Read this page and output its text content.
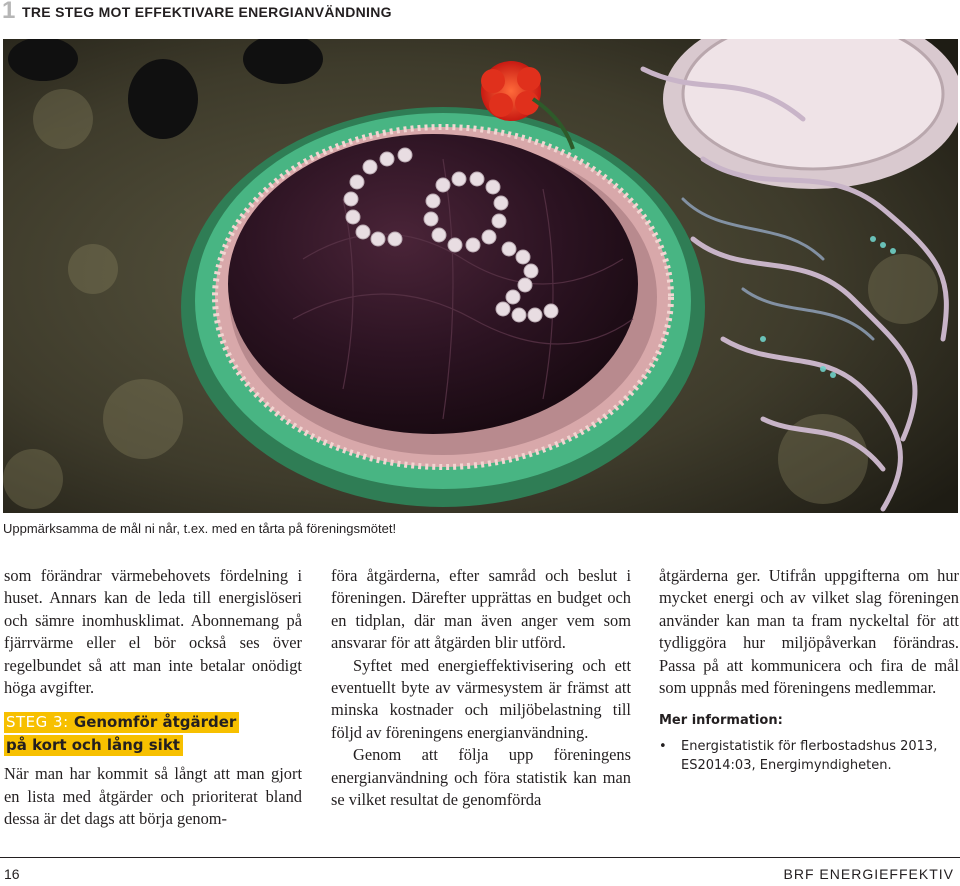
1 TRE STEG MOT EFFEKTIVARE ENERGIANVÄNDNING
Uppmärksamma de mål ni når, t.ex. med en tårta på föreningsmötet!

som förändrar värmebehovets fördelning i huset. Annars kan de leda till energislöseri och sämre inomhusklimat. Abonnemang på fjärrvärme eller el bör också ses över regelbundet så att man inte betalar onödigt höga avgifter.

STEG 3: Genomför åtgärder
på kort och lång sikt

När man har kommit så långt att man gjort en lista med åtgärder och prioriterat bland dessa är det dags att börja genom-

föra åtgärderna, efter samråd och beslut i föreningen. Därefter upprättas en budget och en tidplan, där man även anger vem som ansvarar för att åtgärden blir utförd.

Syftet med energieffektivisering och ett eventuellt byte av värmesystem är främst att minska kostnader och miljöbelastning till följd av föreningens energianvändning.

Genom att följa upp föreningens energianvändning och föra statistik kan man se vilket resultat de genomförda

åtgärderna ger. Utifrån uppgifterna om hur mycket energi och av vilket slag föreningen använder kan man ta fram nyckeltal för att tydliggöra hur miljöpåverkan förändras. Passa på att kommunicera och fira de mål som uppnås med föreningens medlemmar.

Mer information:
• Energistatistik för flerbostadshus 2013, ES2014:03, Energimyndigheten.
16	BRF ENERGIEFFEKTIV
